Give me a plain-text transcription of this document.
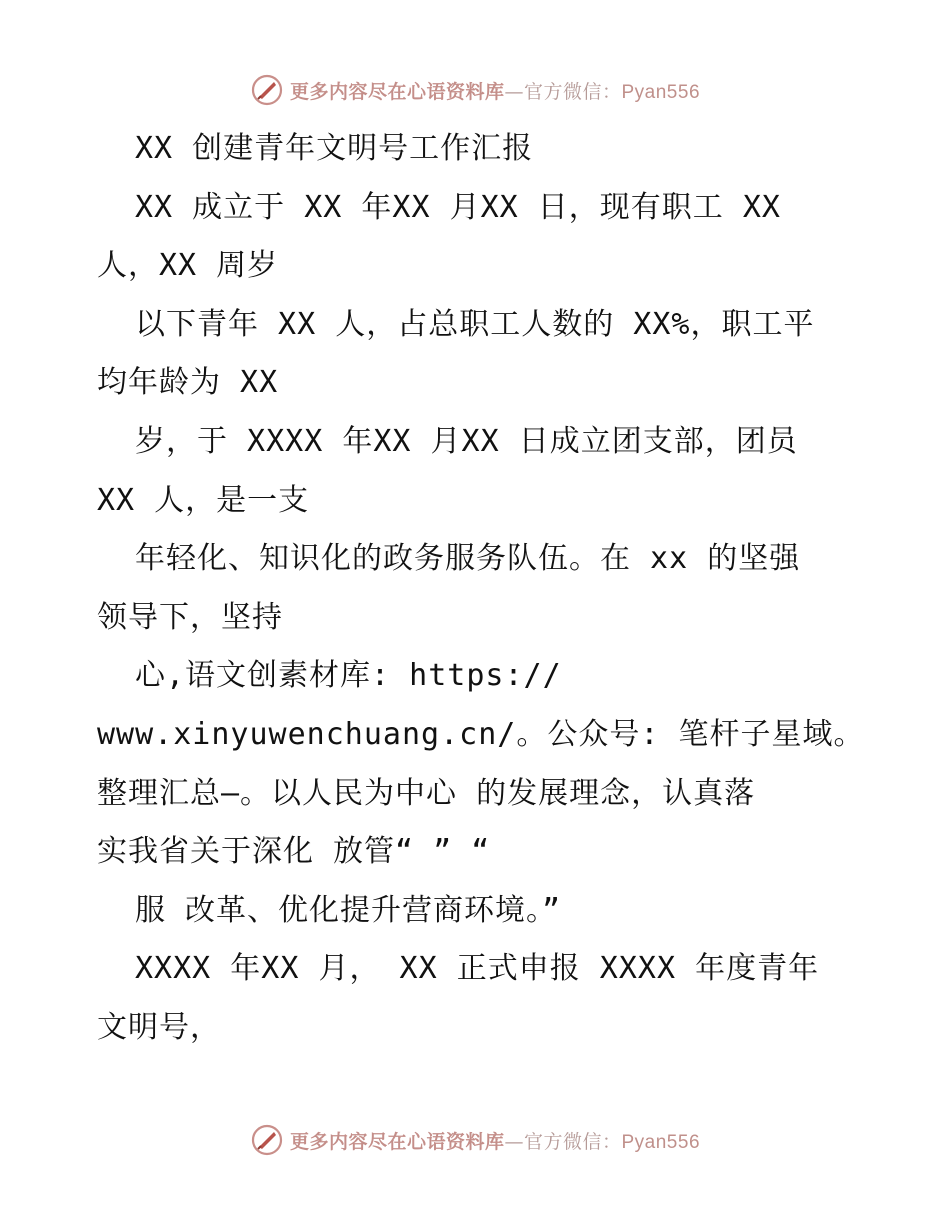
更多内容尽在心语资料库—官方微信：Pyan556
XX 创建青年文明号工作汇报
XX 成立于 XX 年XX 月XX 日，现有职工 XX
人，XX 周岁
以下青年 XX 人，占总职工人数的 XX%，职工平
均年龄为 XX
岁，于 XXXX 年XX 月XX 日成立团支部，团员
XX 人，是一支
年轻化、知识化的政务服务队伍。在 xx 的坚强
领导下，坚持
心,语文创素材库: https://
www.xinyuwenchuang.cn/。公众号: 笔杆子星域。
整理汇总—。以人民为中心 的发展理念，认真落
实我省关于深化 放管“ ” “
服 改革、优化提升营商环境。”
XXXX 年XX 月， XX 正式申报 XXXX 年度青年
文明号，
更多内容尽在心语资料库—官方微信：Pyan556
